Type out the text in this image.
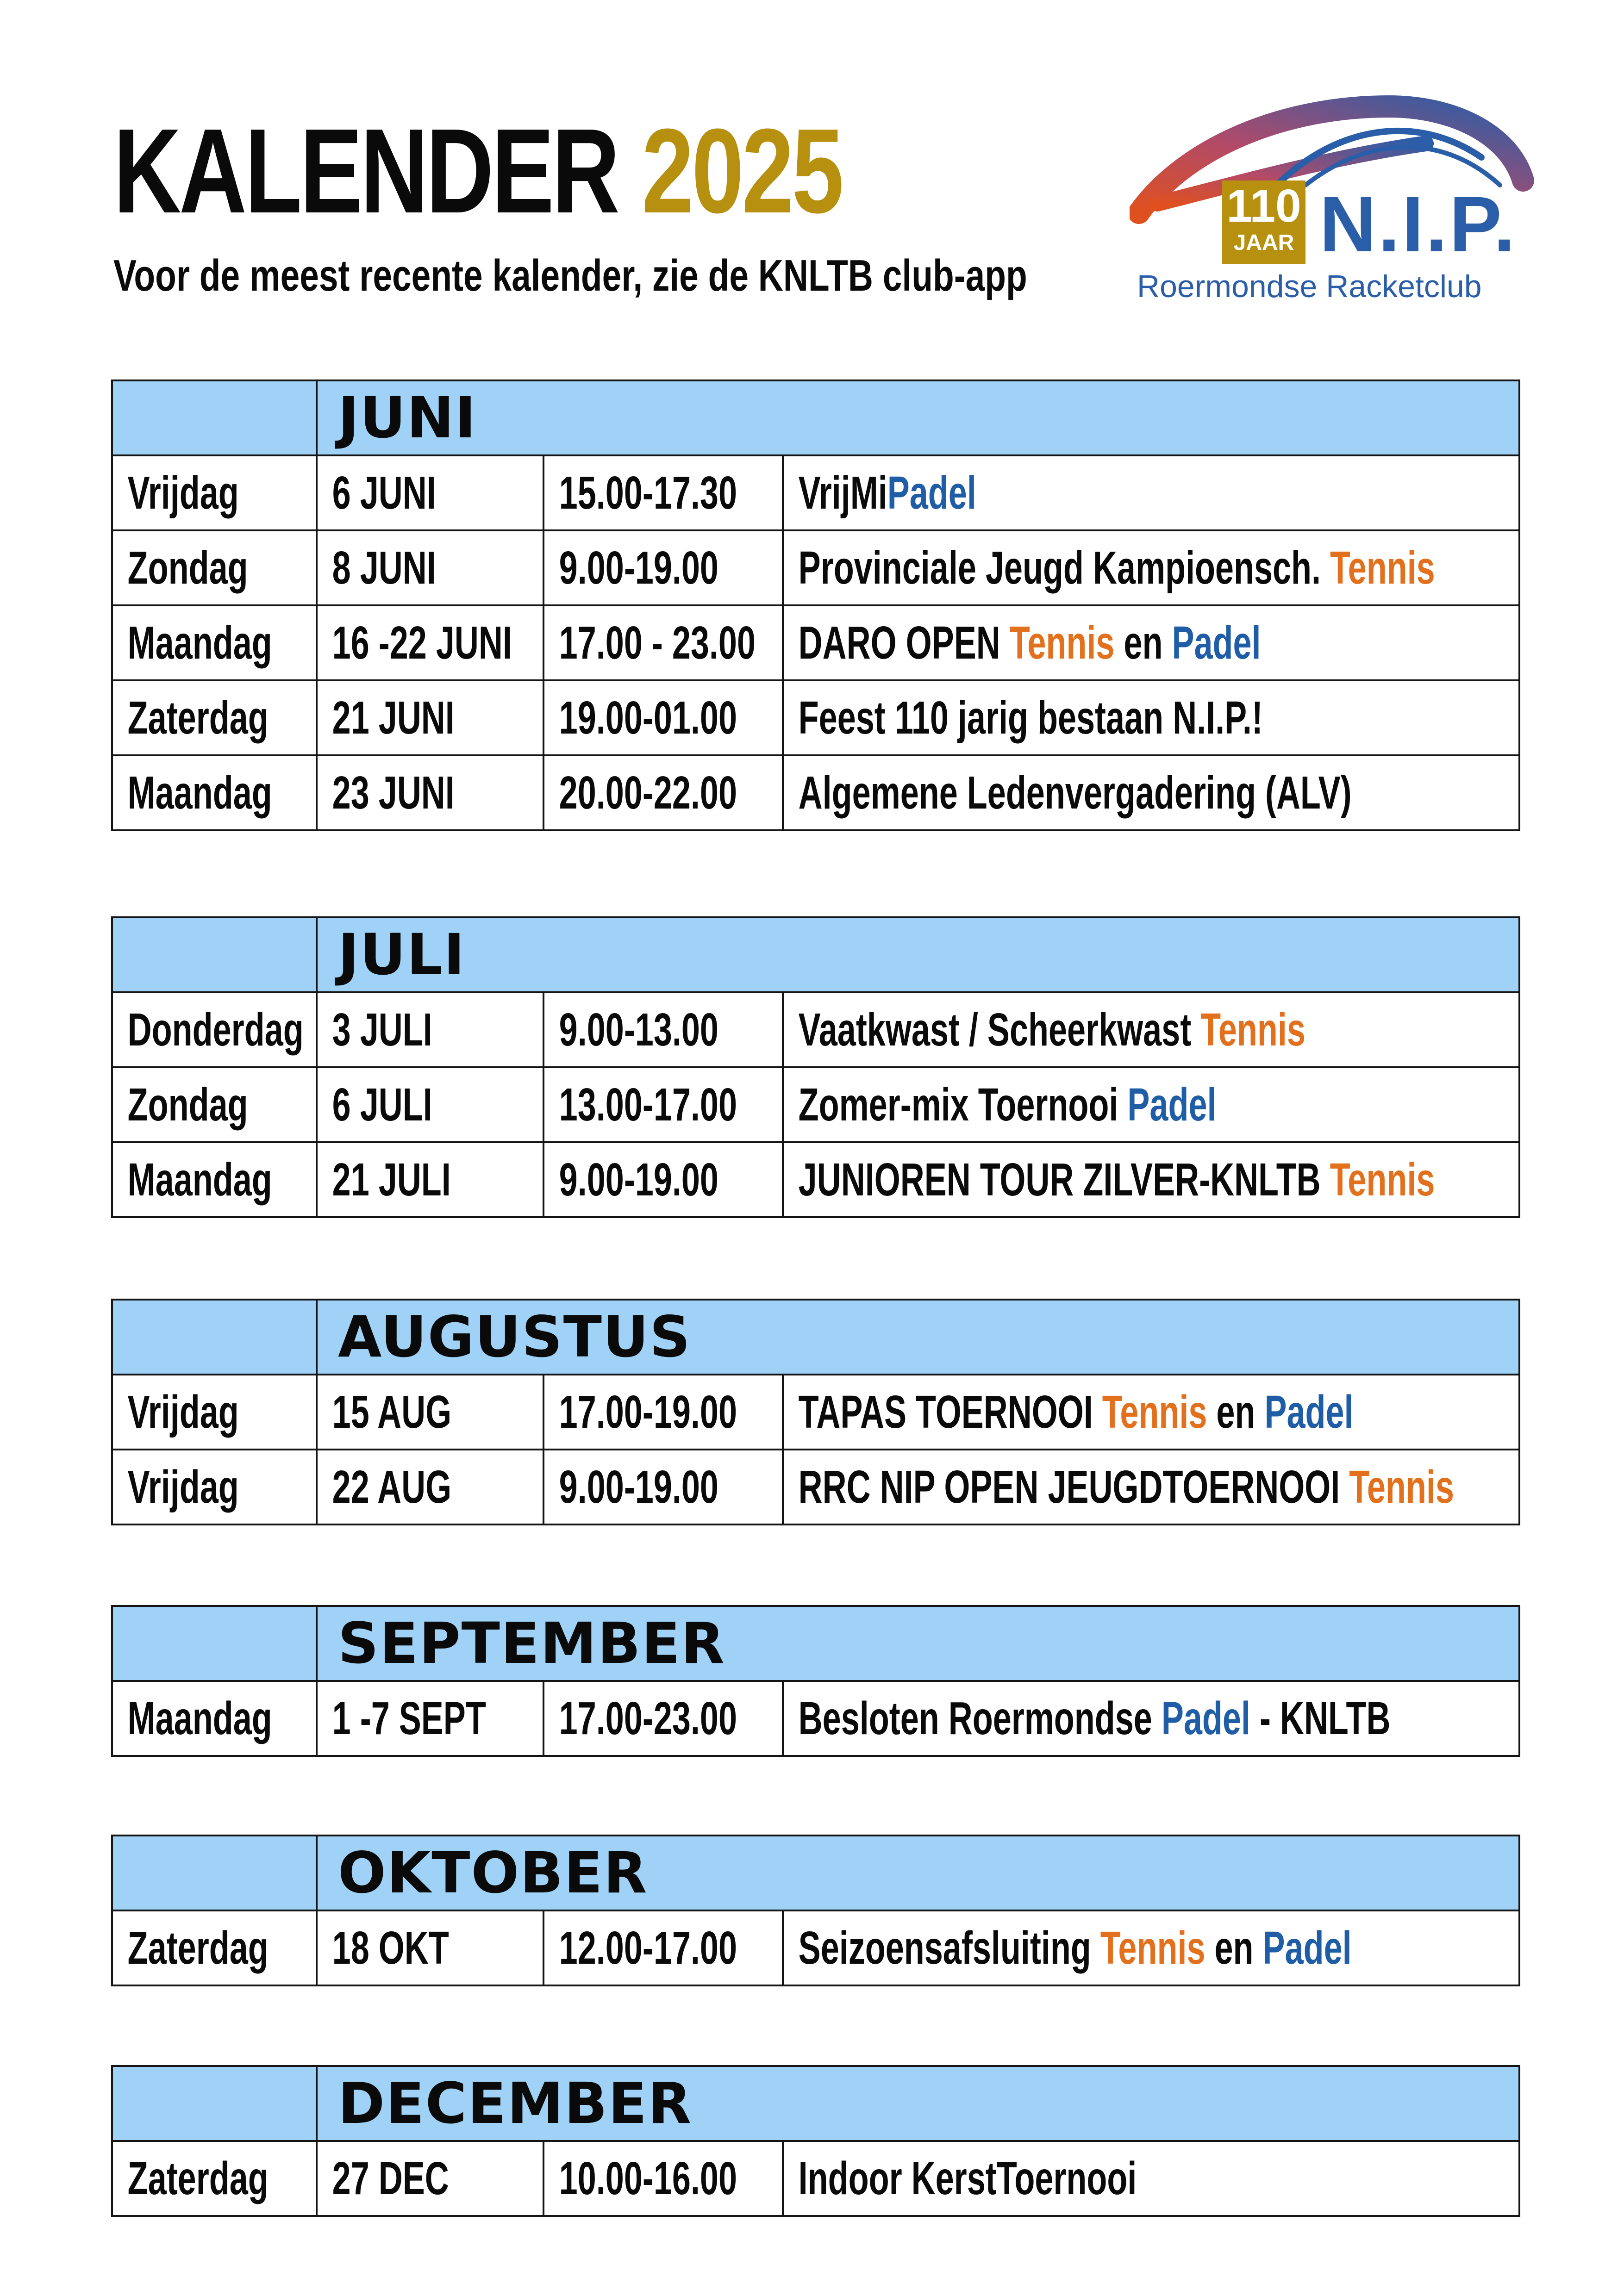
KALENDER 2025
Voor de meest recente kalender, zie de KNLTB club-app
110
JAAR N.I.P.
Roermondse Racketclub
	JUNI		
Vrijdag	6 JUNI	15.00-17.30	VrijMiPadel
Zondag	8 JUNI	9.00-19.00	Provinciale Jeugd Kampioensch. Tennis
Maandag	16 -22 JUNI	17.00 - 23.00	DARO OPEN Tennis en Padel
Zaterdag	21 JUNI	19.00-01.00	Feest 110 jarig bestaan N.I.P.!
Maandag	23 JUNI	20.00-22.00	Algemene Ledenvergadering (ALV)
	JULI		
Donderdag	3 JULI	9.00-13.00	Vaatkwast / Scheerkwast Tennis
Zondag	6 JULI	13.00-17.00	Zomer-mix Toernooi Padel
Maandag	21 JULI	9.00-19.00	JUNIOREN TOUR ZILVER-KNLTB Tennis
	AUGUSTUS		
Vrijdag	15 AUG	17.00-19.00	TAPAS TOERNOOI Tennis en Padel
Vrijdag	22 AUG	9.00-19.00	RRC NIP OPEN JEUGDTOERNOOI Tennis
	SEPTEMBER		
Maandag	1 -7 SEPT	17.00-23.00	Besloten Roermondse Padel - KNLTB
	OKTOBER		
Zaterdag	18 OKT	12.00-17.00	Seizoensafsluiting Tennis en Padel
	DECEMBER		
Zaterdag	27 DEC	10.00-16.00	Indoor KerstToernooi
